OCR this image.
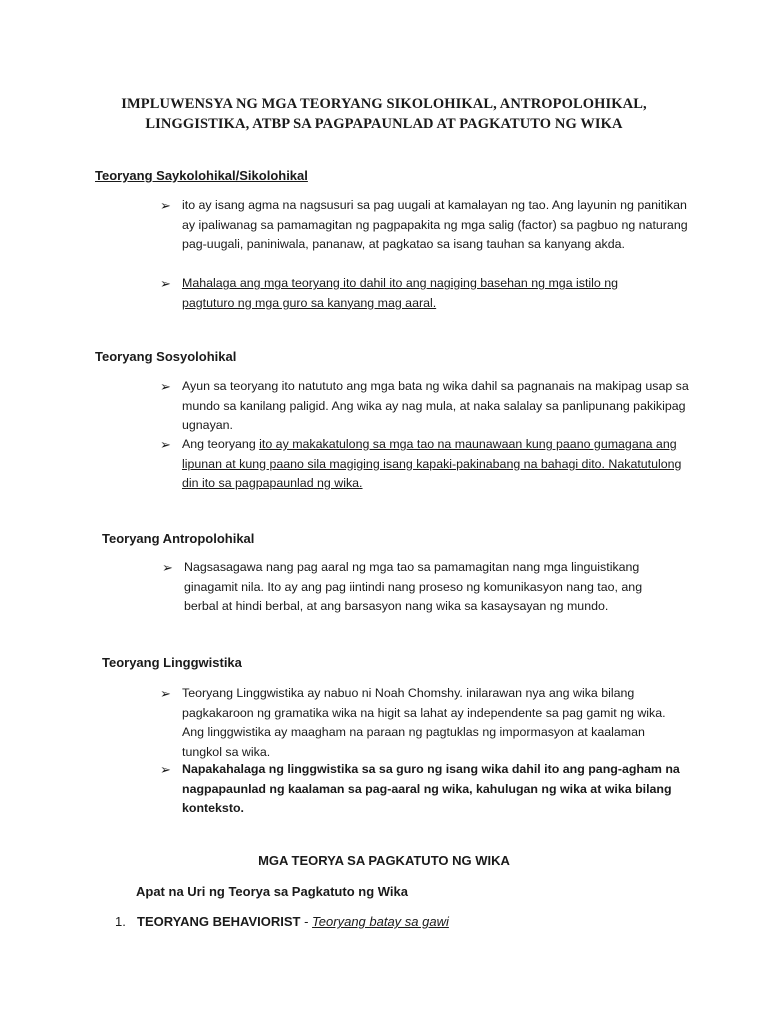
IMPLUWENSYA NG MGA TEORYANG SIKOLOHIKAL, ANTROPOLOHIKAL,
LINGGISTIKA, ATBP SA PAGPAPAUNLAD AT PAGKATUTO NG WIKA
Teoryang Saykolohikal/Sikolohikal
➢ ito ay isang agma na nagsusuri sa pag uugali at kamalayan ng tao. Ang layunin ng panitikan ay ipaliwanag sa pamamagitan ng pagpapakita ng mga salig (factor) sa pagbuo ng naturang pag-uugali, paniniwala, pananaw, at pagkatao sa isang tauhan sa kanyang akda.
➢ Mahalaga ang mga teoryang ito dahil ito ang nagiging basehan ng mga istilo ng pagtuturo ng mga guro sa kanyang mag aaral.
Teoryang Sosyolohikal
➢ Ayun sa teoryang ito natututo ang mga bata ng wika dahil sa pagnanais na makipag usap sa mundo sa kanilang paligid. Ang wika ay nag mula, at naka salalay sa panlipunang pakikipag ugnayan.
➢ Ang teoryang ito ay makakatulong sa mga tao na maunawaan kung paano gumagana ang lipunan at kung paano sila magiging isang kapaki-pakinabang na bahagi dito. Nakatutulong din ito sa pagpapaunlad ng wika.
Teoryang Antropolohikal
➢ Nagsasagawa nang pag aaral ng mga tao sa pamamagitan nang mga linguistikang ginagamit nila. Ito ay ang pag iintindi nang proseso ng komunikasyon nang tao, ang berbal at hindi berbal, at ang barsasyon nang wika sa kasaysayan ng mundo.
Teoryang Linggwistika
➢ Teoryang Linggwistika ay nabuo ni Noah Chomshy. inilarawan nya ang wika bilang pagkakaroon ng gramatika wika na higit sa lahat ay independente sa pag gamit ng wika. Ang linggwistika ay maagham na paraan ng pagtuklas ng impormasyon at kaalaman tungkol sa wika.
➢ Napakahalaga ng linggwistika sa sa guro ng isang wika dahil ito ang pang-agham na nagpapaunlad ng kaalaman sa pag-aaral ng wika, kahulugan ng wika at wika bilang konteksto.
MGA TEORYA SA PAGKATUTO NG WIKA
Apat na Uri ng Teorya sa Pagkatuto ng Wika
1. TEORYANG BEHAVIORIST - Teoryang batay sa gawi
